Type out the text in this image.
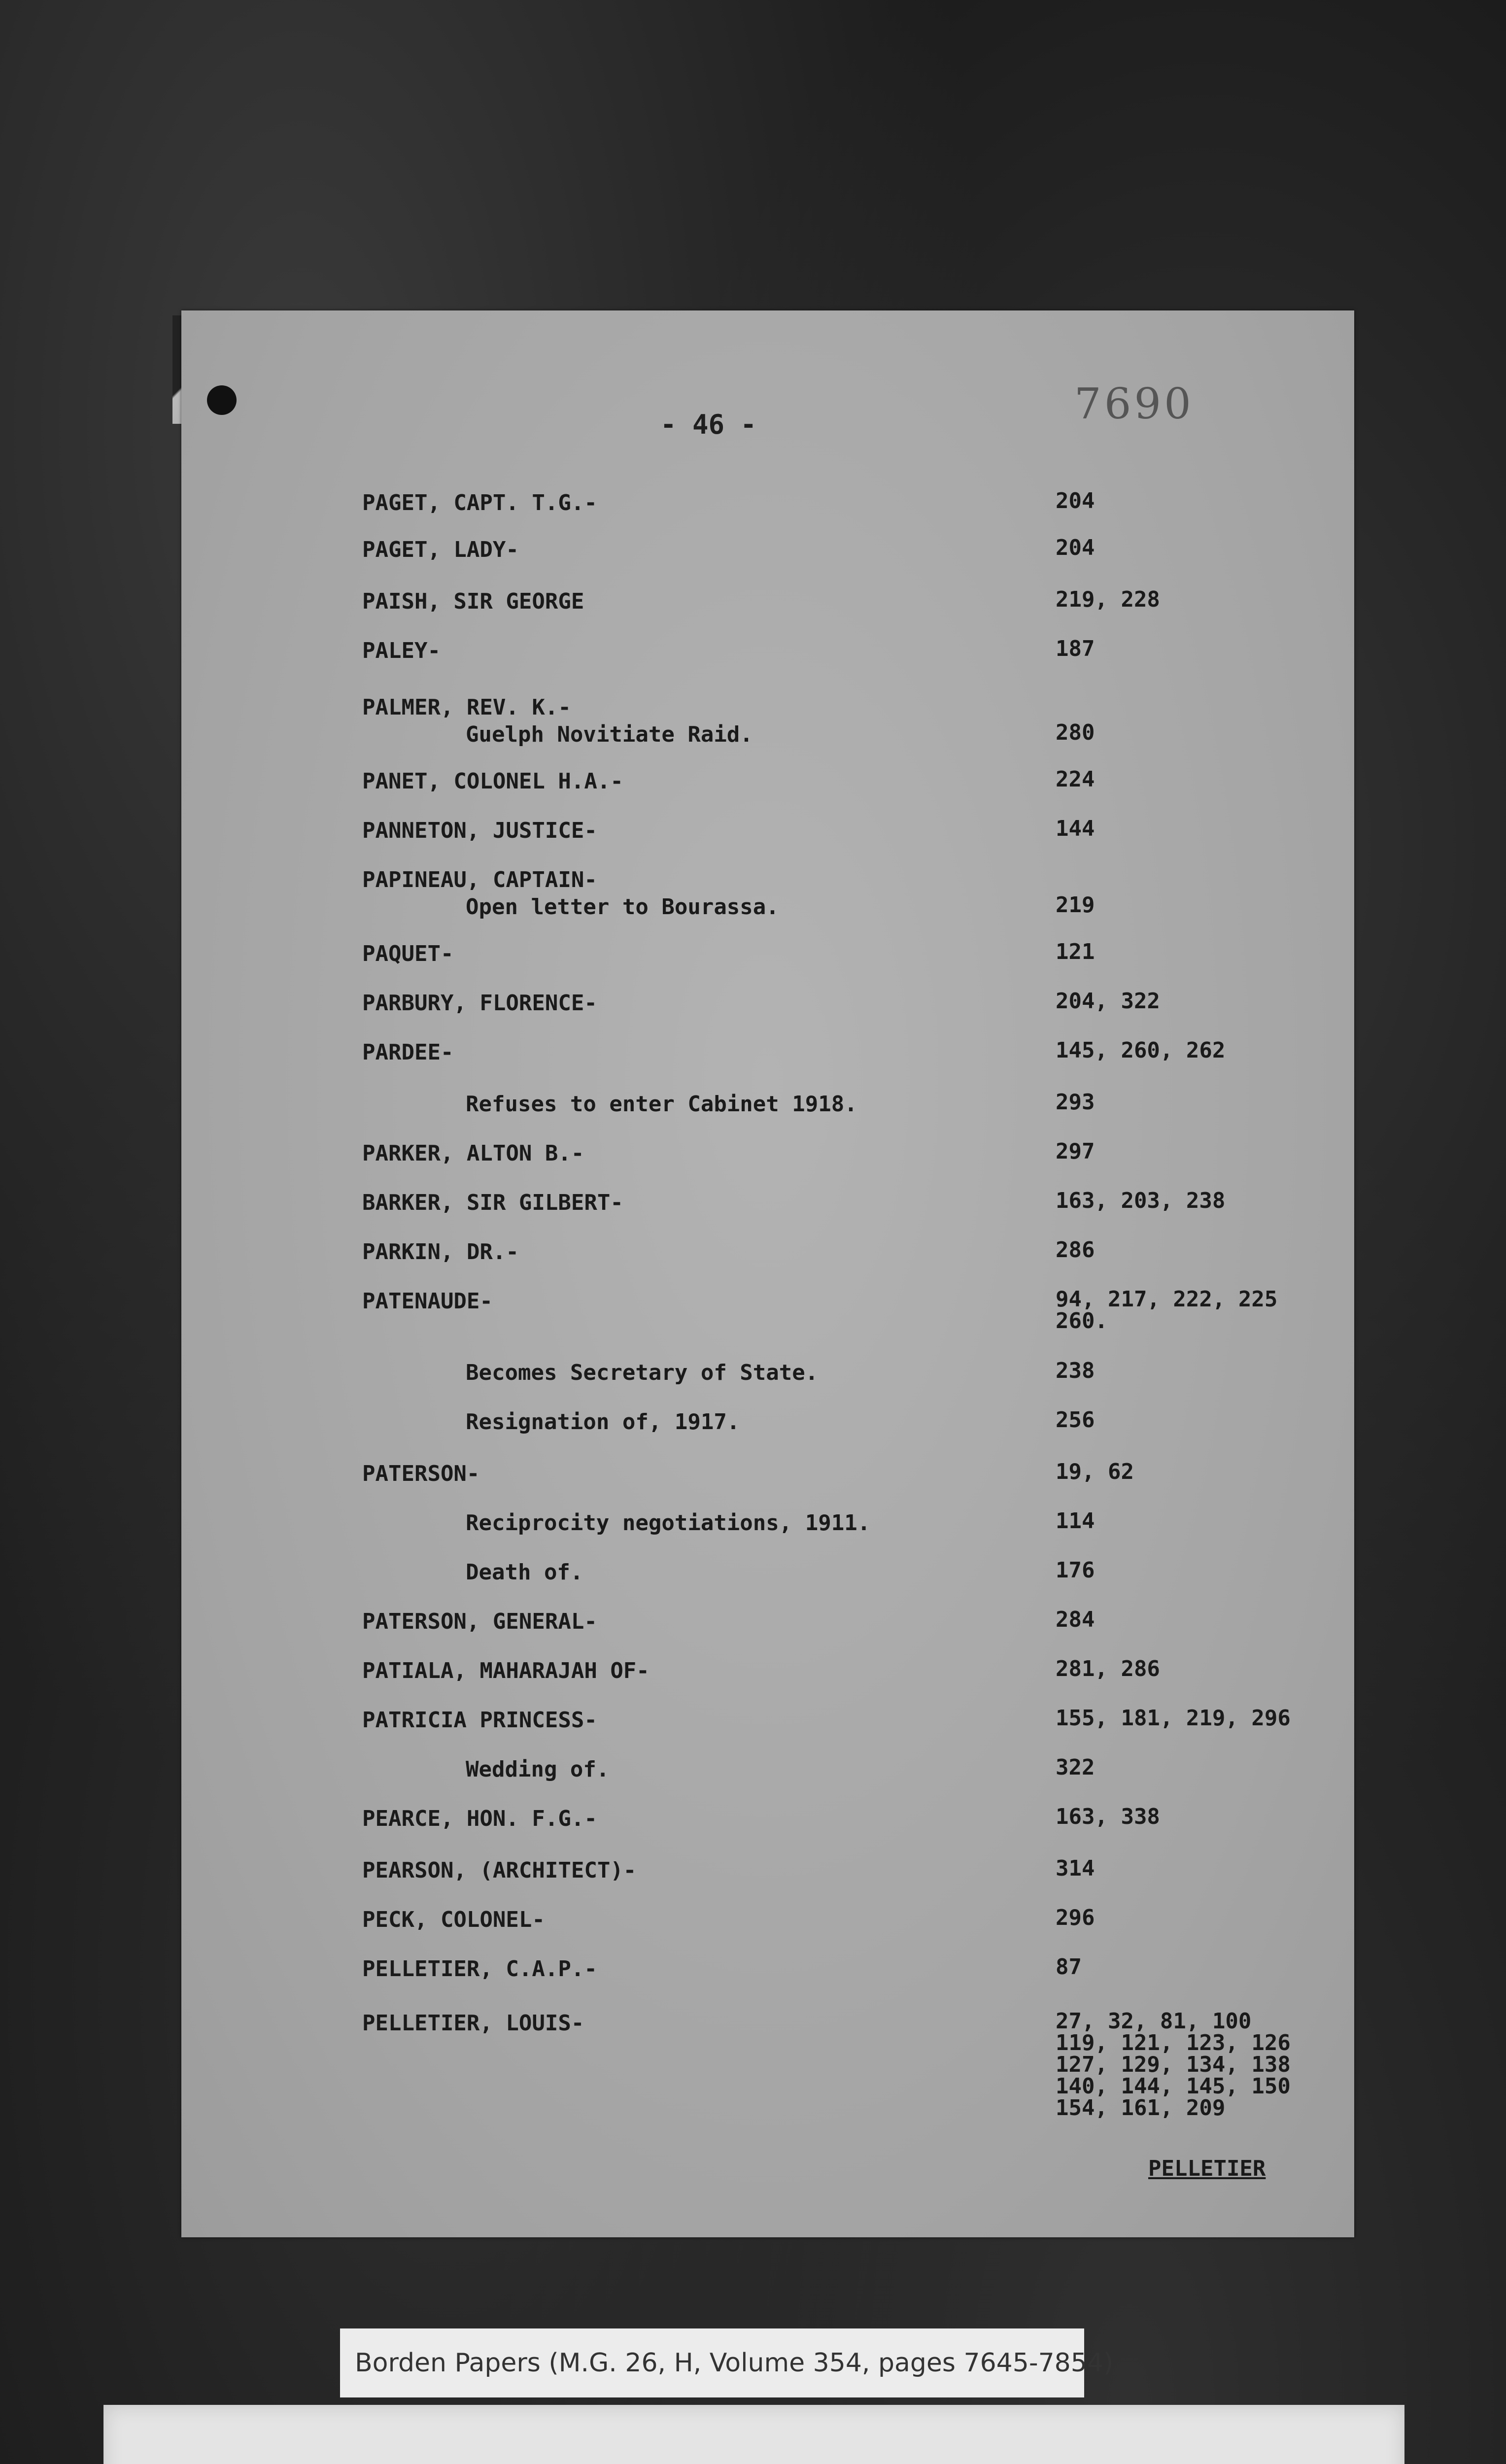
7690
- 46 -
PAGET, CAPT. T.G.-	204
PAGET, LADY-	204
PAISH, SIR GEORGE	219, 228
PALEY-	187
PALMER, REV. K.-
Guelph Novitiate Raid.	280
PANET, COLONEL H.A.-	224
PANNETON, JUSTICE-	144
PAPINEAU, CAPTAIN-
Open letter to Bourassa.	219
PAQUET-	121
PARBURY, FLORENCE-	204, 322
PARDEE-	145, 260, 262
Refuses to enter Cabinet 1918.	293
PARKER, ALTON B.-	297
BARKER, SIR GILBERT-	163, 203, 238
PARKIN, DR.-	286
PATENAUDE-	94, 217, 222, 225
260.
Becomes Secretary of State.	238
Resignation of, 1917.	256
PATERSON-	19, 62
Reciprocity negotiations, 1911.	114
Death of.	176
PATERSON, GENERAL-	284
PATIALA, MAHARAJAH OF-	281, 286
PATRICIA PRINCESS-	155, 181, 219, 296
Wedding of.	322
PEARCE, HON. F.G.-	163, 338
PEARSON, (ARCHITECT)-	314
PECK, COLONEL-	296
PELLETIER, C.A.P.-	87
PELLETIER, LOUIS-	27, 32, 81, 100
119, 121, 123, 126
127, 129, 134, 138
140, 144, 145, 150
154, 161, 209
PELLETIER
Borden Papers (M.G. 26, H, Volume 354, pages 7645-7854)
